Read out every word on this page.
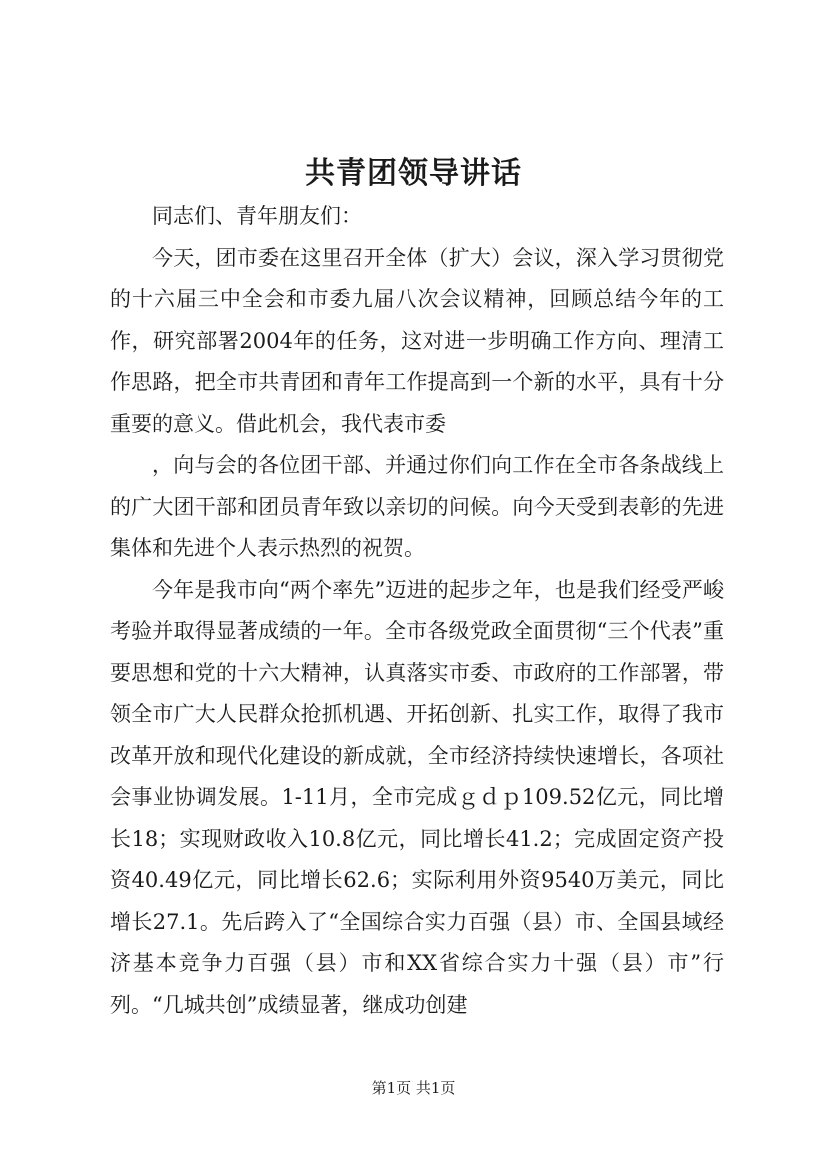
共青团领导讲话

同志们、青年朋友们：

今天，团市委在这里召开全体（扩大）会议，深入学习贯彻党的十六届三中全会和市委九届八次会议精神，回顾总结今年的工作，研究部署2004年的任务，这对进一步明确工作方向、理清工作思路，把全市共青团和青年工作提高到一个新的水平，具有十分重要的意义。借此机会，我代表市委

，向与会的各位团干部、并通过你们向工作在全市各条战线上的广大团干部和团员青年致以亲切的问候。向今天受到表彰的先进集体和先进个人表示热烈的祝贺。

今年是我市向“两个率先”迈进的起步之年，也是我们经受严峻考验并取得显著成绩的一年。全市各级党政全面贯彻“三个代表”重要思想和党的十六大精神，认真落实市委、市政府的工作部署，带领全市广大人民群众抢抓机遇、开拓创新、扎实工作，取得了我市改革开放和现代化建设的新成就，全市经济持续快速增长，各项社会事业协调发展。1-11月，全市完成ｇｄｐ109.52亿元，同比增长18；实现财政收入10.8亿元，同比增长41.2；完成固定资产投资40.49亿元，同比增长62.6；实际利用外资9540万美元，同比增长27.1。先后跨入了“全国综合实力百强（县）市、全国县域经济基本竞争力百强（县）市和XX省综合实力十强（县）市”行列。“几城共创”成绩显著，继成功创建

第1页 共1页
